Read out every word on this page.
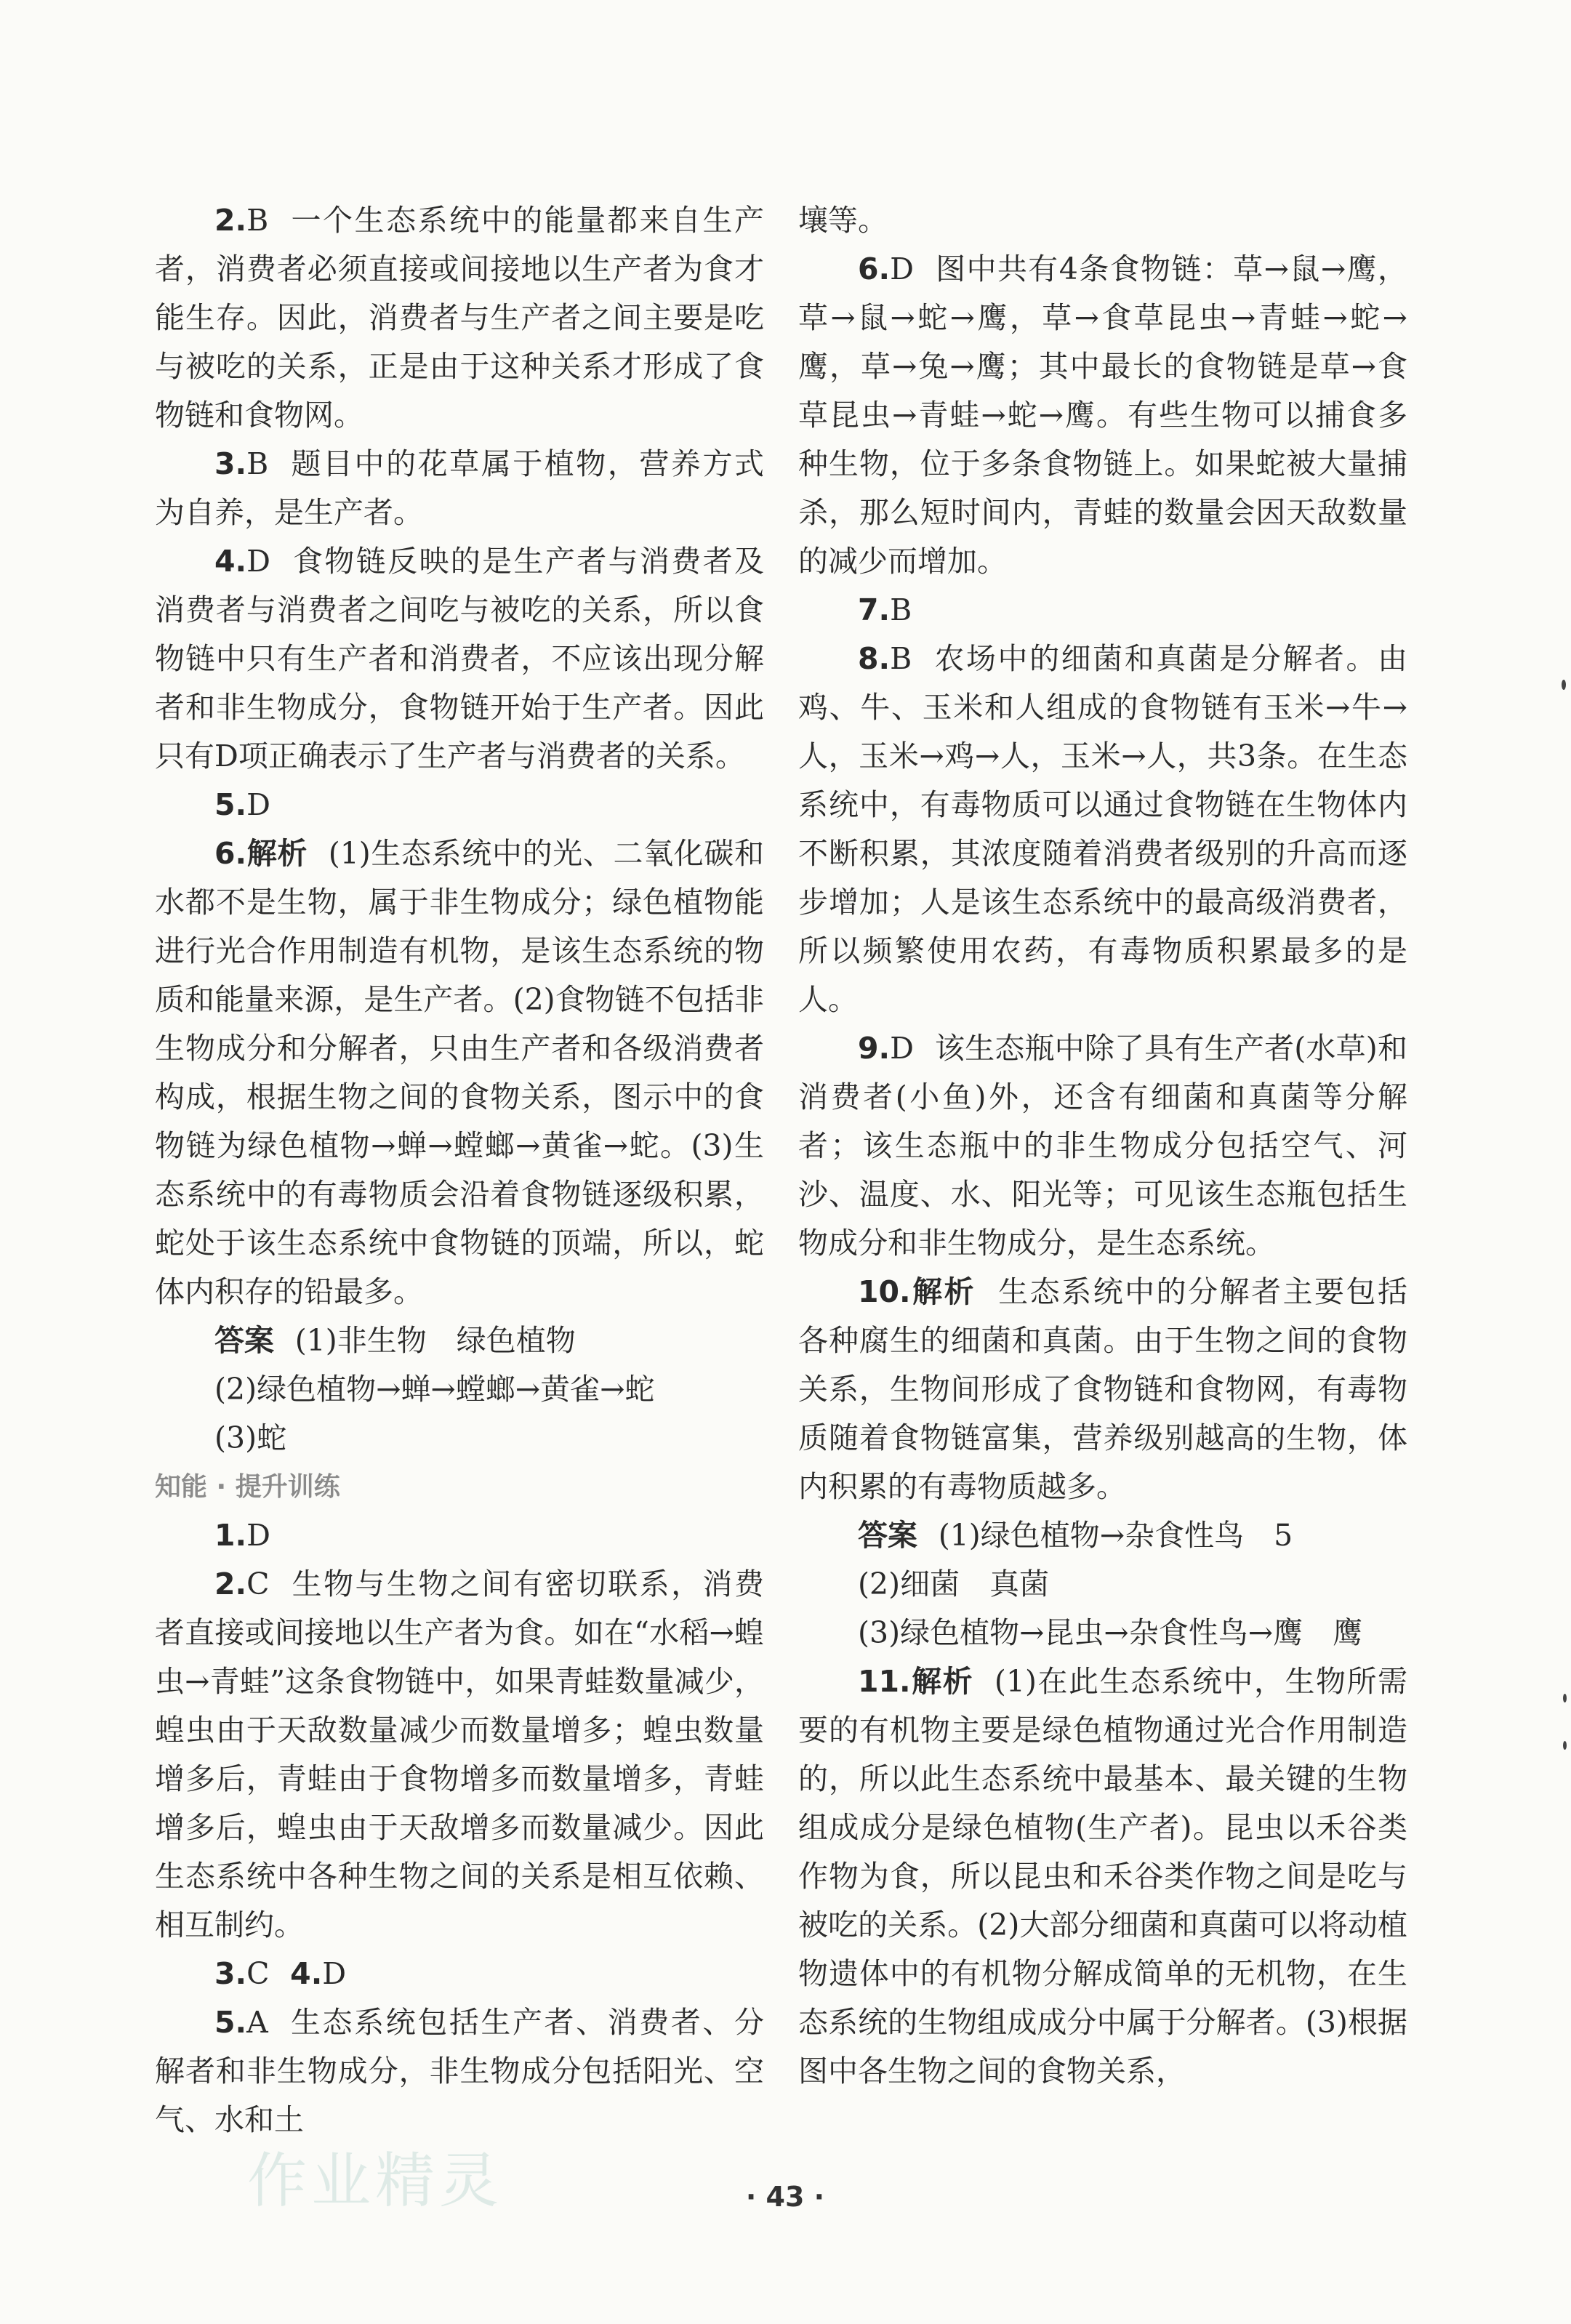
2.B 一个生态系统中的能量都来自生产者，消费者必须直接或间接地以生产者为食才能生存。因此，消费者与生产者之间主要是吃与被吃的关系，正是由于这种关系才形成了食物链和食物网。

3.B 题目中的花草属于植物，营养方式为自养，是生产者。

4.D 食物链反映的是生产者与消费者及消费者与消费者之间吃与被吃的关系，所以食物链中只有生产者和消费者，不应该出现分解者和非生物成分，食物链开始于生产者。因此只有D项正确表示了生产者与消费者的关系。

5.D

6.解析 (1)生态系统中的光、二氧化碳和水都不是生物，属于非生物成分；绿色植物能进行光合作用制造有机物，是该生态系统的物质和能量来源，是生产者。(2)食物链不包括非生物成分和分解者，只由生产者和各级消费者构成，根据生物之间的食物关系，图示中的食物链为绿色植物→蝉→螳螂→黄雀→蛇。(3)生态系统中的有毒物质会沿着食物链逐级积累，蛇处于该生态系统中食物链的顶端，所以，蛇体内积存的铅最多。

答案 (1)非生物　绿色植物

(2)绿色植物→蝉→螳螂→黄雀→蛇

(3)蛇

知能 · 提升训练

1.D

2.C 生物与生物之间有密切联系，消费者直接或间接地以生产者为食。如在“水稻→蝗虫→青蛙”这条食物链中，如果青蛙数量减少，蝗虫由于天敌数量减少而数量增多；蝗虫数量增多后，青蛙由于食物增多而数量增多，青蛙增多后，蝗虫由于天敌增多而数量减少。因此生态系统中各种生物之间的关系是相互依赖、相互制约。

3.C 4.D

5.A 生态系统包括生产者、消费者、分解者和非生物成分，非生物成分包括阳光、空气、水和土

壤等。

6.D 图中共有4条食物链：草→鼠→鹰，草→鼠→蛇→鹰，草→食草昆虫→青蛙→蛇→鹰，草→兔→鹰；其中最长的食物链是草→食草昆虫→青蛙→蛇→鹰。有些生物可以捕食多种生物，位于多条食物链上。如果蛇被大量捕杀，那么短时间内，青蛙的数量会因天敌数量的减少而增加。

7.B

8.B 农场中的细菌和真菌是分解者。由鸡、牛、玉米和人组成的食物链有玉米→牛→人，玉米→鸡→人，玉米→人，共3条。在生态系统中，有毒物质可以通过食物链在生物体内不断积累，其浓度随着消费者级别的升高而逐步增加；人是该生态系统中的最高级消费者，所以频繁使用农药，有毒物质积累最多的是人。

9.D 该生态瓶中除了具有生产者(水草)和消费者(小鱼)外，还含有细菌和真菌等分解者；该生态瓶中的非生物成分包括空气、河沙、温度、水、阳光等；可见该生态瓶包括生物成分和非生物成分，是生态系统。

10.解析 生态系统中的分解者主要包括各种腐生的细菌和真菌。由于生物之间的食物关系，生物间形成了食物链和食物网，有毒物质随着食物链富集，营养级别越高的生物，体内积累的有毒物质越多。

答案 (1)绿色植物→杂食性鸟　5

(2)细菌　真菌

(3)绿色植物→昆虫→杂食性鸟→鹰　鹰

11.解析 (1)在此生态系统中，生物所需要的有机物主要是绿色植物通过光合作用制造的，所以此生态系统中最基本、最关键的生物组成成分是绿色植物(生产者)。昆虫以禾谷类作物为食，所以昆虫和禾谷类作物之间是吃与被吃的关系。(2)大部分细菌和真菌可以将动植物遗体中的有机物分解成简单的无机物，在生态系统的生物组成成分中属于分解者。(3)根据图中各生物之间的食物关系，

作业精灵	· 43 ·
